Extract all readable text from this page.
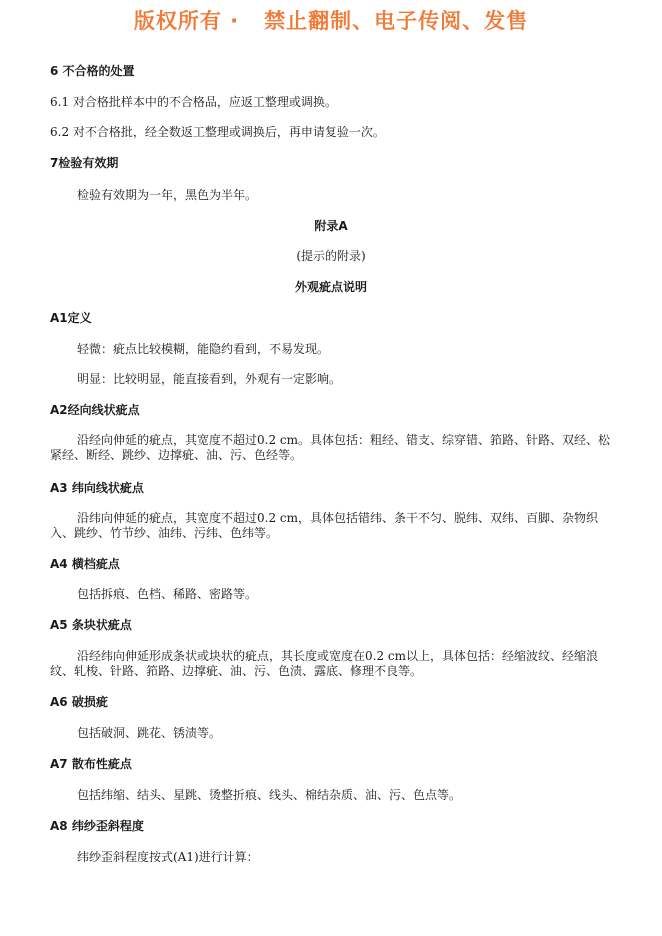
版权所有 ·   禁止翻制、电子传阅、发售
6 不合格的处置
6.1 对合格批样本中的不合格品，应返工整理或调换。
6.2 对不合格批，经全数返工整理或调换后，再申请复验一次。
7检验有效期
检验有效期为一年，黑色为半年。
附录A
(提示的附录)
外观疵点说明
A1定义
轻微：疵点比较模糊，能隐约看到，不易发现。
明显：比较明显，能直接看到，外观有一定影响。
A2经向线状疵点
沿经向伸延的疵点，其宽度不超过0.2 cm。具体包括：粗经、错支、综穿错、筘路、针路、双经、松紧经、断经、跳纱、边撑疵、油、污、色经等。
A3 纬向线状疵点
沿纬向伸延的疵点，其宽度不超过0.2 cm，具体包括错纬、条干不匀、脱纬、双纬、百脚、杂物织入、跳纱、竹节纱、油纬、污纬、色纬等。
A4 横档疵点
包括拆痕、色档、稀路、密路等。
A5 条块状疵点
沿经纬向伸延形成条状或块状的疵点，其长度或宽度在0.2 cm以上，具体包括：经缩波纹、经缩浪纹、轧梭、针路、筘路、边撑疵、油、污、色渍、露底、修理不良等。
A6 破损疵
包括破洞、跳花、锈渍等。
A7 散布性疵点
包括纬缩、结头、星跳、烫整折痕、线头、棉结杂质、油、污、色点等。
A8 纬纱歪斜程度
纬纱歪斜程度按式(A1)进行计算：
